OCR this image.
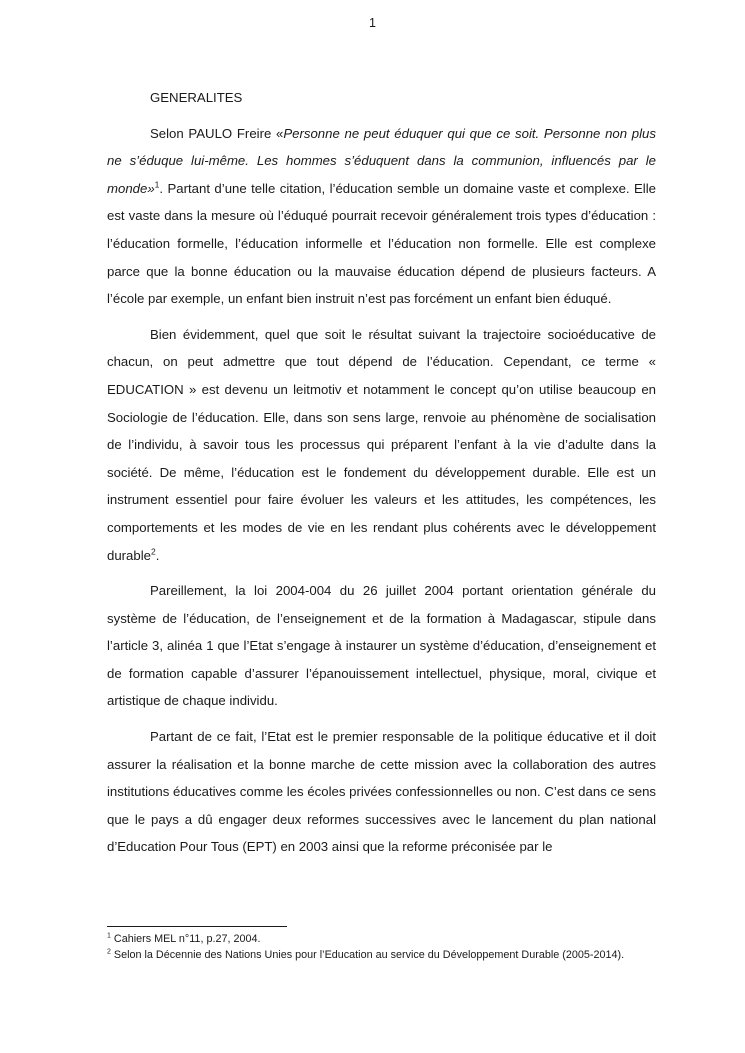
1

GENERALITES

Selon PAULO Freire «Personne ne peut éduquer qui que ce soit. Personne non plus ne s’éduque lui-même. Les hommes s’éduquent dans la communion, influencés par le monde»$^1$. Partant d’une telle citation, l’éducation semble un domaine vaste et complexe. Elle est vaste dans la mesure où l’éduqué pourrait recevoir généralement trois types d’éducation : l’éducation formelle, l’éducation informelle et l’éducation non formelle. Elle est complexe parce que la bonne éducation ou la mauvaise éducation dépend de plusieurs facteurs. A l’école par exemple, un enfant bien instruit n’est pas forcément un enfant bien éduqué.

Bien évidemment, quel que soit le résultat suivant la trajectoire socioéducative de chacun, on peut admettre que tout dépend de l’éducation. Cependant, ce terme « EDUCATION » est devenu un leitmotiv et notamment le concept qu’on utilise beaucoup en Sociologie de l’éducation. Elle, dans son sens large, renvoie au phénomène de socialisation de l’individu, à savoir tous les processus qui préparent l’enfant à la vie d’adulte dans la société. De même, l’éducation est le fondement du développement durable. Elle est un instrument essentiel pour faire évoluer les valeurs et les attitudes, les compétences, les comportements et les modes de vie en les rendant plus cohérents avec le développement durable$^2$.

Pareillement, la loi 2004-004 du 26 juillet 2004 portant orientation générale du système de l’éducation, de l’enseignement et de la formation à Madagascar, stipule dans l’article 3, alinéa 1 que l’Etat s’engage à instaurer un système d’éducation, d’enseignement et de formation capable d’assurer l’épanouissement intellectuel, physique, moral, civique et artistique de chaque individu.

Partant de ce fait, l’Etat est le premier responsable de la politique éducative et il doit assurer la réalisation et la bonne marche de cette mission avec la collaboration des autres institutions éducatives comme les écoles privées confessionnelles ou non. C’est dans ce sens que le pays a dû engager deux reformes successives avec le lancement du plan national d’Education Pour Tous (EPT) en 2003 ainsi que la reforme préconisée par le

$^1$ Cahiers MEL n°11, p.27, 2004.

$^2$ Selon la Décennie des Nations Unies pour l’Education au service du Développement Durable (2005-2014).
